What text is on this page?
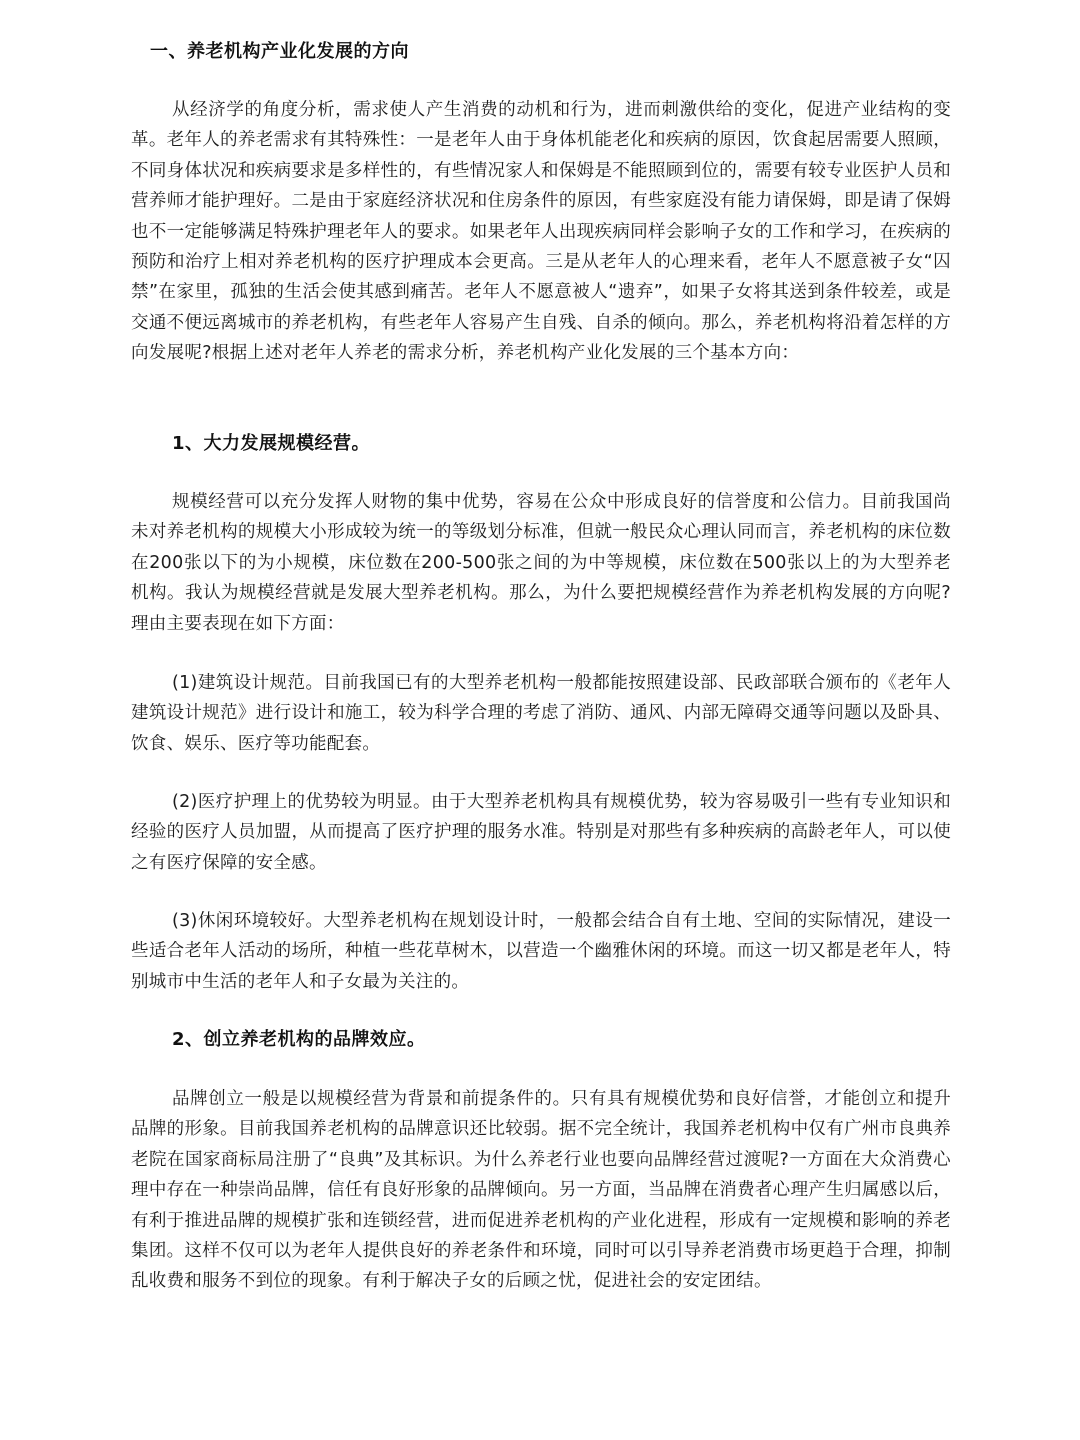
一、养老机构产业化发展的方向

从经济学的角度分析，需求使人产生消费的动机和行为，进而刺激供给的变化，促进产业结构的变革。老年人的养老需求有其特殊性：一是老年人由于身体机能老化和疾病的原因，饮食起居需要人照顾，不同身体状况和疾病要求是多样性的，有些情况家人和保姆是不能照顾到位的，需要有较专业医护人员和营养师才能护理好。二是由于家庭经济状况和住房条件的原因，有些家庭没有能力请保姆，即是请了保姆也不一定能够满足特殊护理老年人的要求。如果老年人出现疾病同样会影响子女的工作和学习，在疾病的预防和治疗上相对养老机构的医疗护理成本会更高。三是从老年人的心理来看，老年人不愿意被子女“囚禁”在家里，孤独的生活会使其感到痛苦。老年人不愿意被人“遗弃”，如果子女将其送到条件较差，或是交通不便远离城市的养老机构，有些老年人容易产生自残、自杀的倾向。那么，养老机构将沿着怎样的方向发展呢?根据上述对老年人养老的需求分析，养老机构产业化发展的三个基本方向：

1、大力发展规模经营。

规模经营可以充分发挥人财物的集中优势，容易在公众中形成良好的信誉度和公信力。目前我国尚未对养老机构的规模大小形成较为统一的等级划分标准，但就一般民众心理认同而言，养老机构的床位数在200张以下的为小规模，床位数在200-500张之间的为中等规模，床位数在500张以上的为大型养老机构。我认为规模经营就是发展大型养老机构。那么，为什么要把规模经营作为养老机构发展的方向呢?理由主要表现在如下方面：

(1)建筑设计规范。目前我国已有的大型养老机构一般都能按照建设部、民政部联合颁布的《老年人建筑设计规范》进行设计和施工，较为科学合理的考虑了消防、通风、内部无障碍交通等问题以及卧具、饮食、娱乐、医疗等功能配套。

(2)医疗护理上的优势较为明显。由于大型养老机构具有规模优势，较为容易吸引一些有专业知识和经验的医疗人员加盟，从而提高了医疗护理的服务水准。特别是对那些有多种疾病的高龄老年人，可以使之有医疗保障的安全感。

(3)休闲环境较好。大型养老机构在规划设计时，一般都会结合自有土地、空间的实际情况，建设一些适合老年人活动的场所，种植一些花草树木，以营造一个幽雅休闲的环境。而这一切又都是老年人，特别城市中生活的老年人和子女最为关注的。

2、创立养老机构的品牌效应。

品牌创立一般是以规模经营为背景和前提条件的。只有具有规模优势和良好信誉，才能创立和提升品牌的形象。目前我国养老机构的品牌意识还比较弱。据不完全统计，我国养老机构中仅有广州市良典养老院在国家商标局注册了“良典”及其标识。为什么养老行业也要向品牌经营过渡呢?一方面在大众消费心理中存在一种崇尚品牌，信任有良好形象的品牌倾向。另一方面，当品牌在消费者心理产生归属感以后，有利于推进品牌的规模扩张和连锁经营，进而促进养老机构的产业化进程，形成有一定规模和影响的养老集团。这样不仅可以为老年人提供良好的养老条件和环境，同时可以引导养老消费市场更趋于合理，抑制乱收费和服务不到位的现象。有利于解决子女的后顾之忧，促进社会的安定团结。
